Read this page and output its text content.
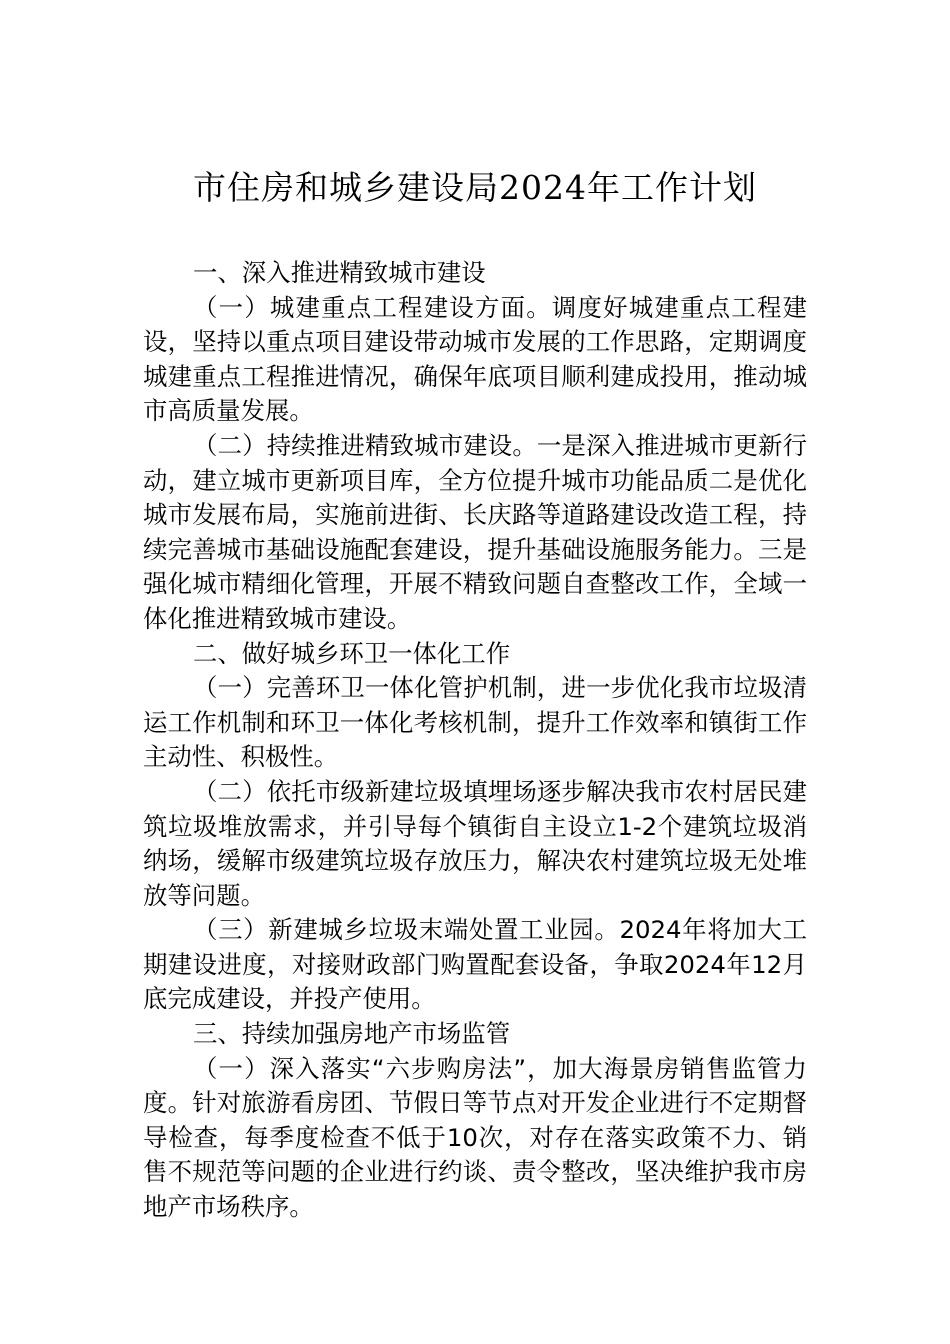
市住房和城乡建设局2024年工作计划

一、深入推进精致城市建设

（一）城建重点工程建设方面。调度好城建重点工程建设，坚持以重点项目建设带动城市发展的工作思路，定期调度城建重点工程推进情况，确保年底项目顺利建成投用，推动城市高质量发展。

（二）持续推进精致城市建设。一是深入推进城市更新行动，建立城市更新项目库，全方位提升城市功能品质二是优化城市发展布局，实施前进街、长庆路等道路建设改造工程，持续完善城市基础设施配套建设，提升基础设施服务能力。三是强化城市精细化管理，开展不精致问题自查整改工作，全域一体化推进精致城市建设。

二、做好城乡环卫一体化工作

（一）完善环卫一体化管护机制，进一步优化我市垃圾清运工作机制和环卫一体化考核机制，提升工作效率和镇街工作主动性、积极性。

（二）依托市级新建垃圾填埋场逐步解决我市农村居民建筑垃圾堆放需求，并引导每个镇街自主设立1-2个建筑垃圾消纳场，缓解市级建筑垃圾存放压力，解决农村建筑垃圾无处堆放等问题。

（三）新建城乡垃圾末端处置工业园。2024年将加大工期建设进度，对接财政部门购置配套设备，争取2024年12月底完成建设，并投产使用。

三、持续加强房地产市场监管

（一）深入落实“六步购房法”，加大海景房销售监管力度。针对旅游看房团、节假日等节点对开发企业进行不定期督导检查，每季度检查不低于10次，对存在落实政策不力、销售不规范等问题的企业进行约谈、责令整改，坚决维护我市房地产市场秩序。
